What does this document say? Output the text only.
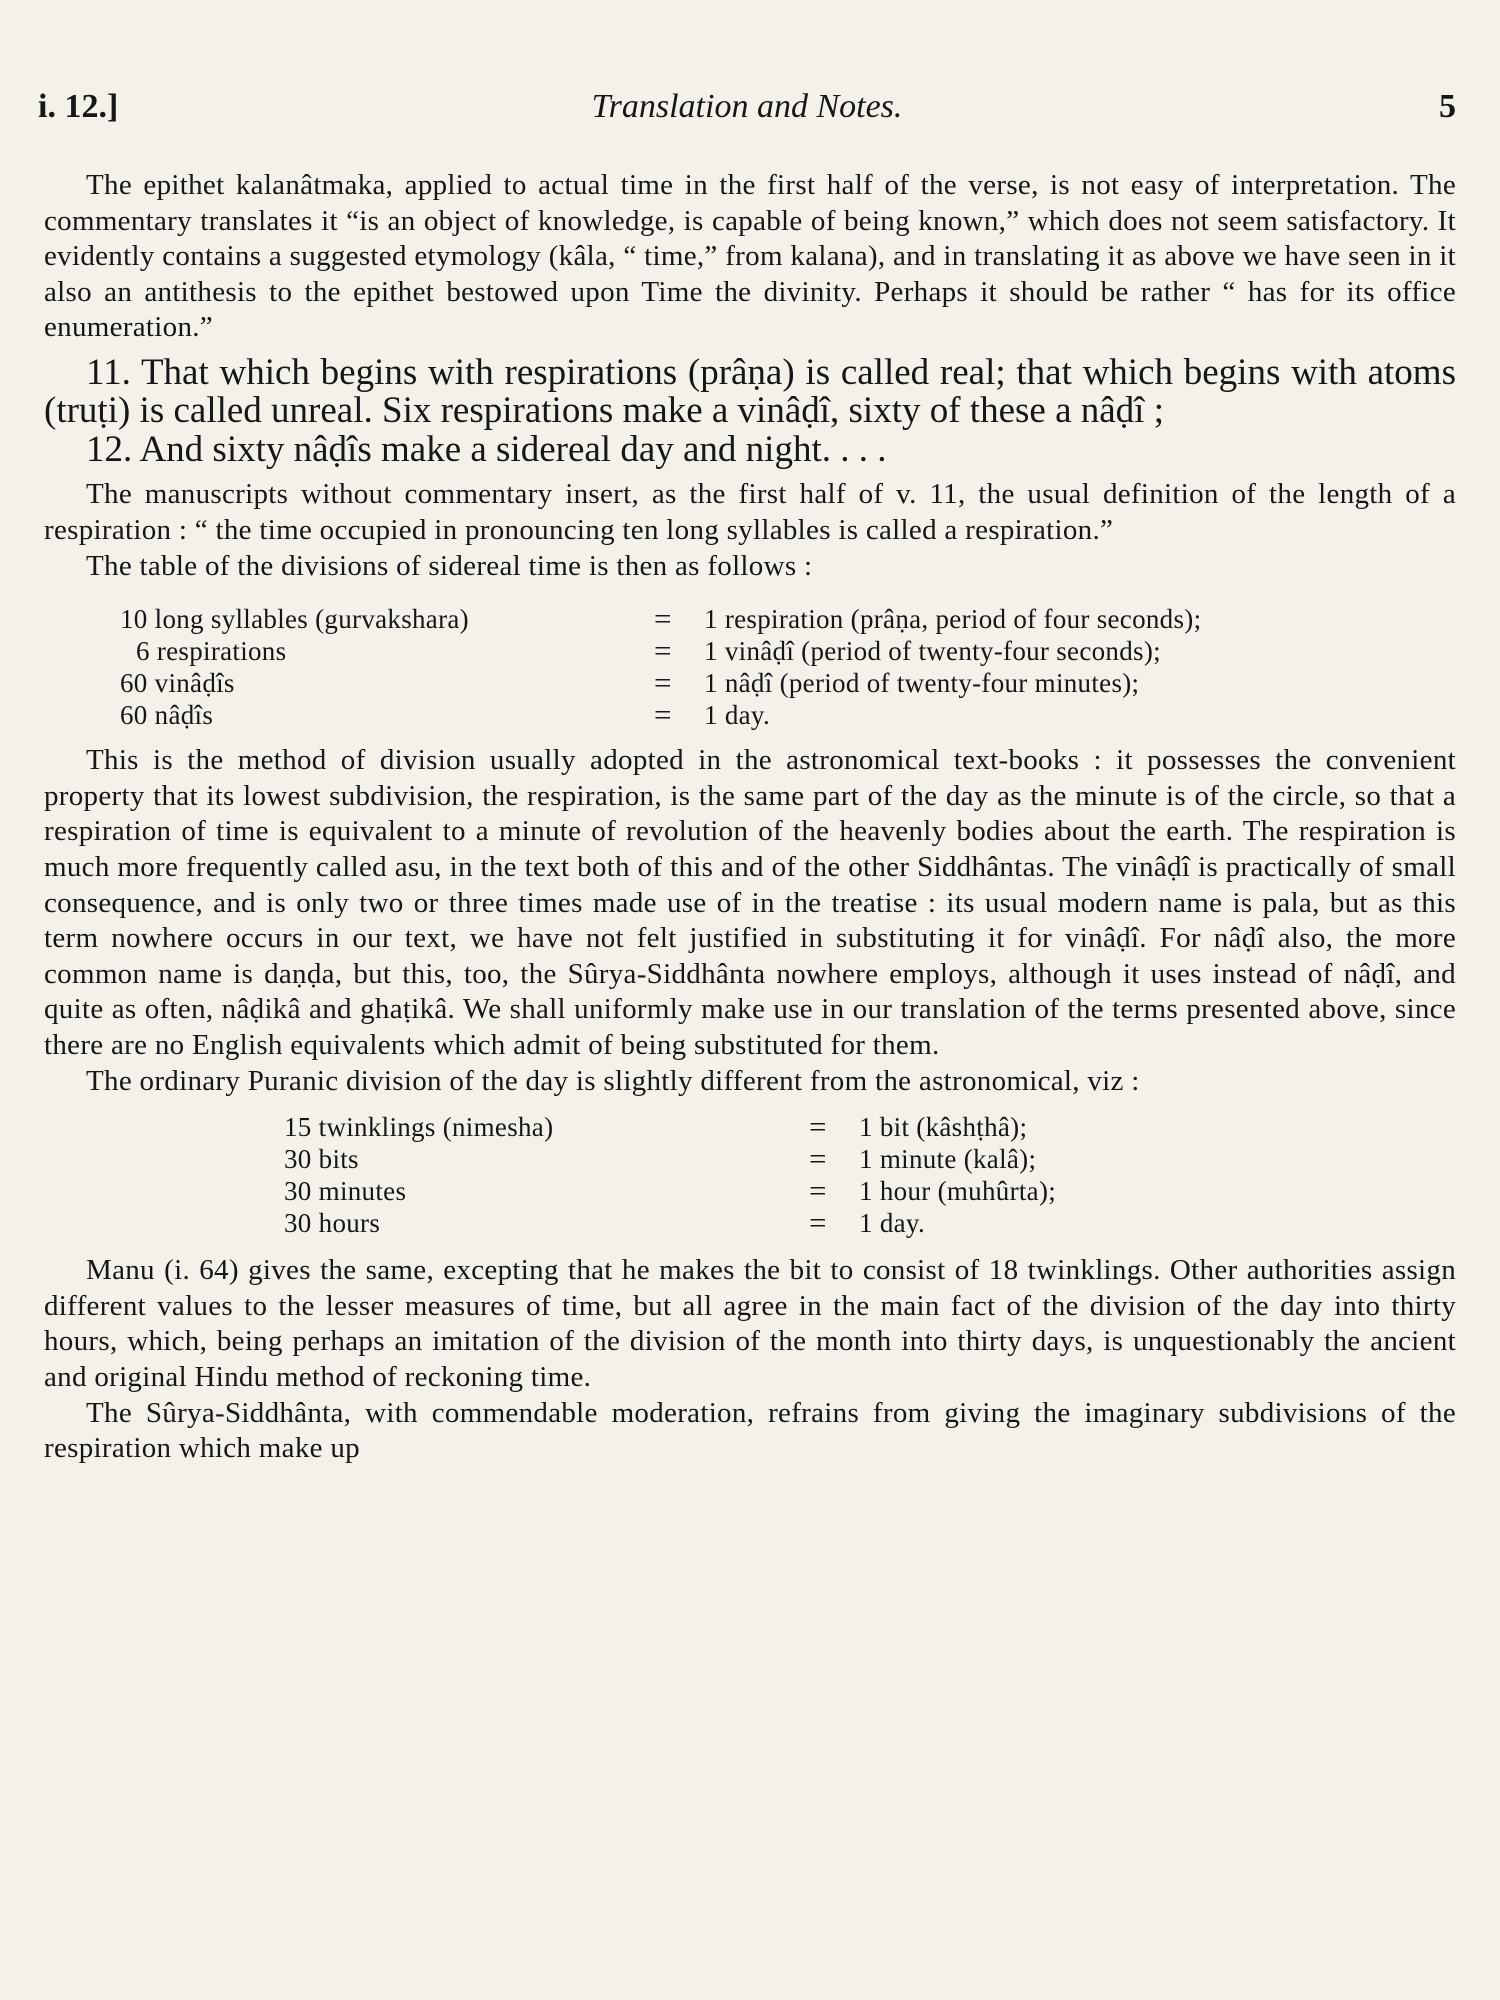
i. 12.]	Translation and Notes.	5

The epithet kalanâtmaka, applied to actual time in the first half of the verse, is not easy of interpretation. The commentary translates it “is an object of knowledge, is capable of being known,” which does not seem satisfactory. It evidently contains a suggested etymology (kâla, “ time,” from kalana), and in translating it as above we have seen in it also an antithesis to the epithet bestowed upon Time the divinity. Perhaps it should be rather “ has for its office enumeration.”

11. That which begins with respirations (prâṇa) is called real; that which begins with atoms (truṭi) is called unreal. Six respirations make a vinâḍî, sixty of these a nâḍî ;

12. And sixty nâḍîs make a sidereal day and night. . . .

The manuscripts without commentary insert, as the first half of v. 11, the usual definition of the length of a respiration : “ the time occupied in pronouncing ten long syllables is called a respiration.”

The table of the divisions of sidereal time is then as follows :

10 long syllables (gurvakshara)	= 1 respiration (prâṇa, period of four seconds);
6 respirations	= 1 vinâḍî (period of twenty-four seconds);
60 vinâḍîs	= 1 nâḍî (period of twenty-four minutes);
60 nâḍîs	= 1 day.

This is the method of division usually adopted in the astronomical text-books : it possesses the convenient property that its lowest subdivision, the respiration, is the same part of the day as the minute is of the circle, so that a respiration of time is equivalent to a minute of revolution of the heavenly bodies about the earth. The respiration is much more frequently called asu, in the text both of this and of the other Siddhântas. The vinâḍî is practically of small consequence, and is only two or three times made use of in the treatise : its usual modern name is pala, but as this term nowhere occurs in our text, we have not felt justified in substituting it for vinâḍî. For nâḍî also, the more common name is daṇḍa, but this, too, the Sûrya-Siddhânta nowhere employs, although it uses instead of nâḍî, and quite as often, nâḍikâ and ghaṭikâ. We shall uniformly make use in our translation of the terms presented above, since there are no English equivalents which admit of being substituted for them.

The ordinary Puranic division of the day is slightly different from the astronomical, viz :

15 twinklings (nimesha)	= 1 bit (kâshṭhâ);
30 bits	= 1 minute (kalâ);
30 minutes	= 1 hour (muhûrta);
30 hours	= 1 day.

Manu (i. 64) gives the same, excepting that he makes the bit to consist of 18 twinklings. Other authorities assign different values to the lesser measures of time, but all agree in the main fact of the division of the day into thirty hours, which, being perhaps an imitation of the division of the month into thirty days, is unquestionably the ancient and original Hindu method of reckoning time.

The Sûrya-Siddhânta, with commendable moderation, refrains from giving the imaginary subdivisions of the respiration which make up
